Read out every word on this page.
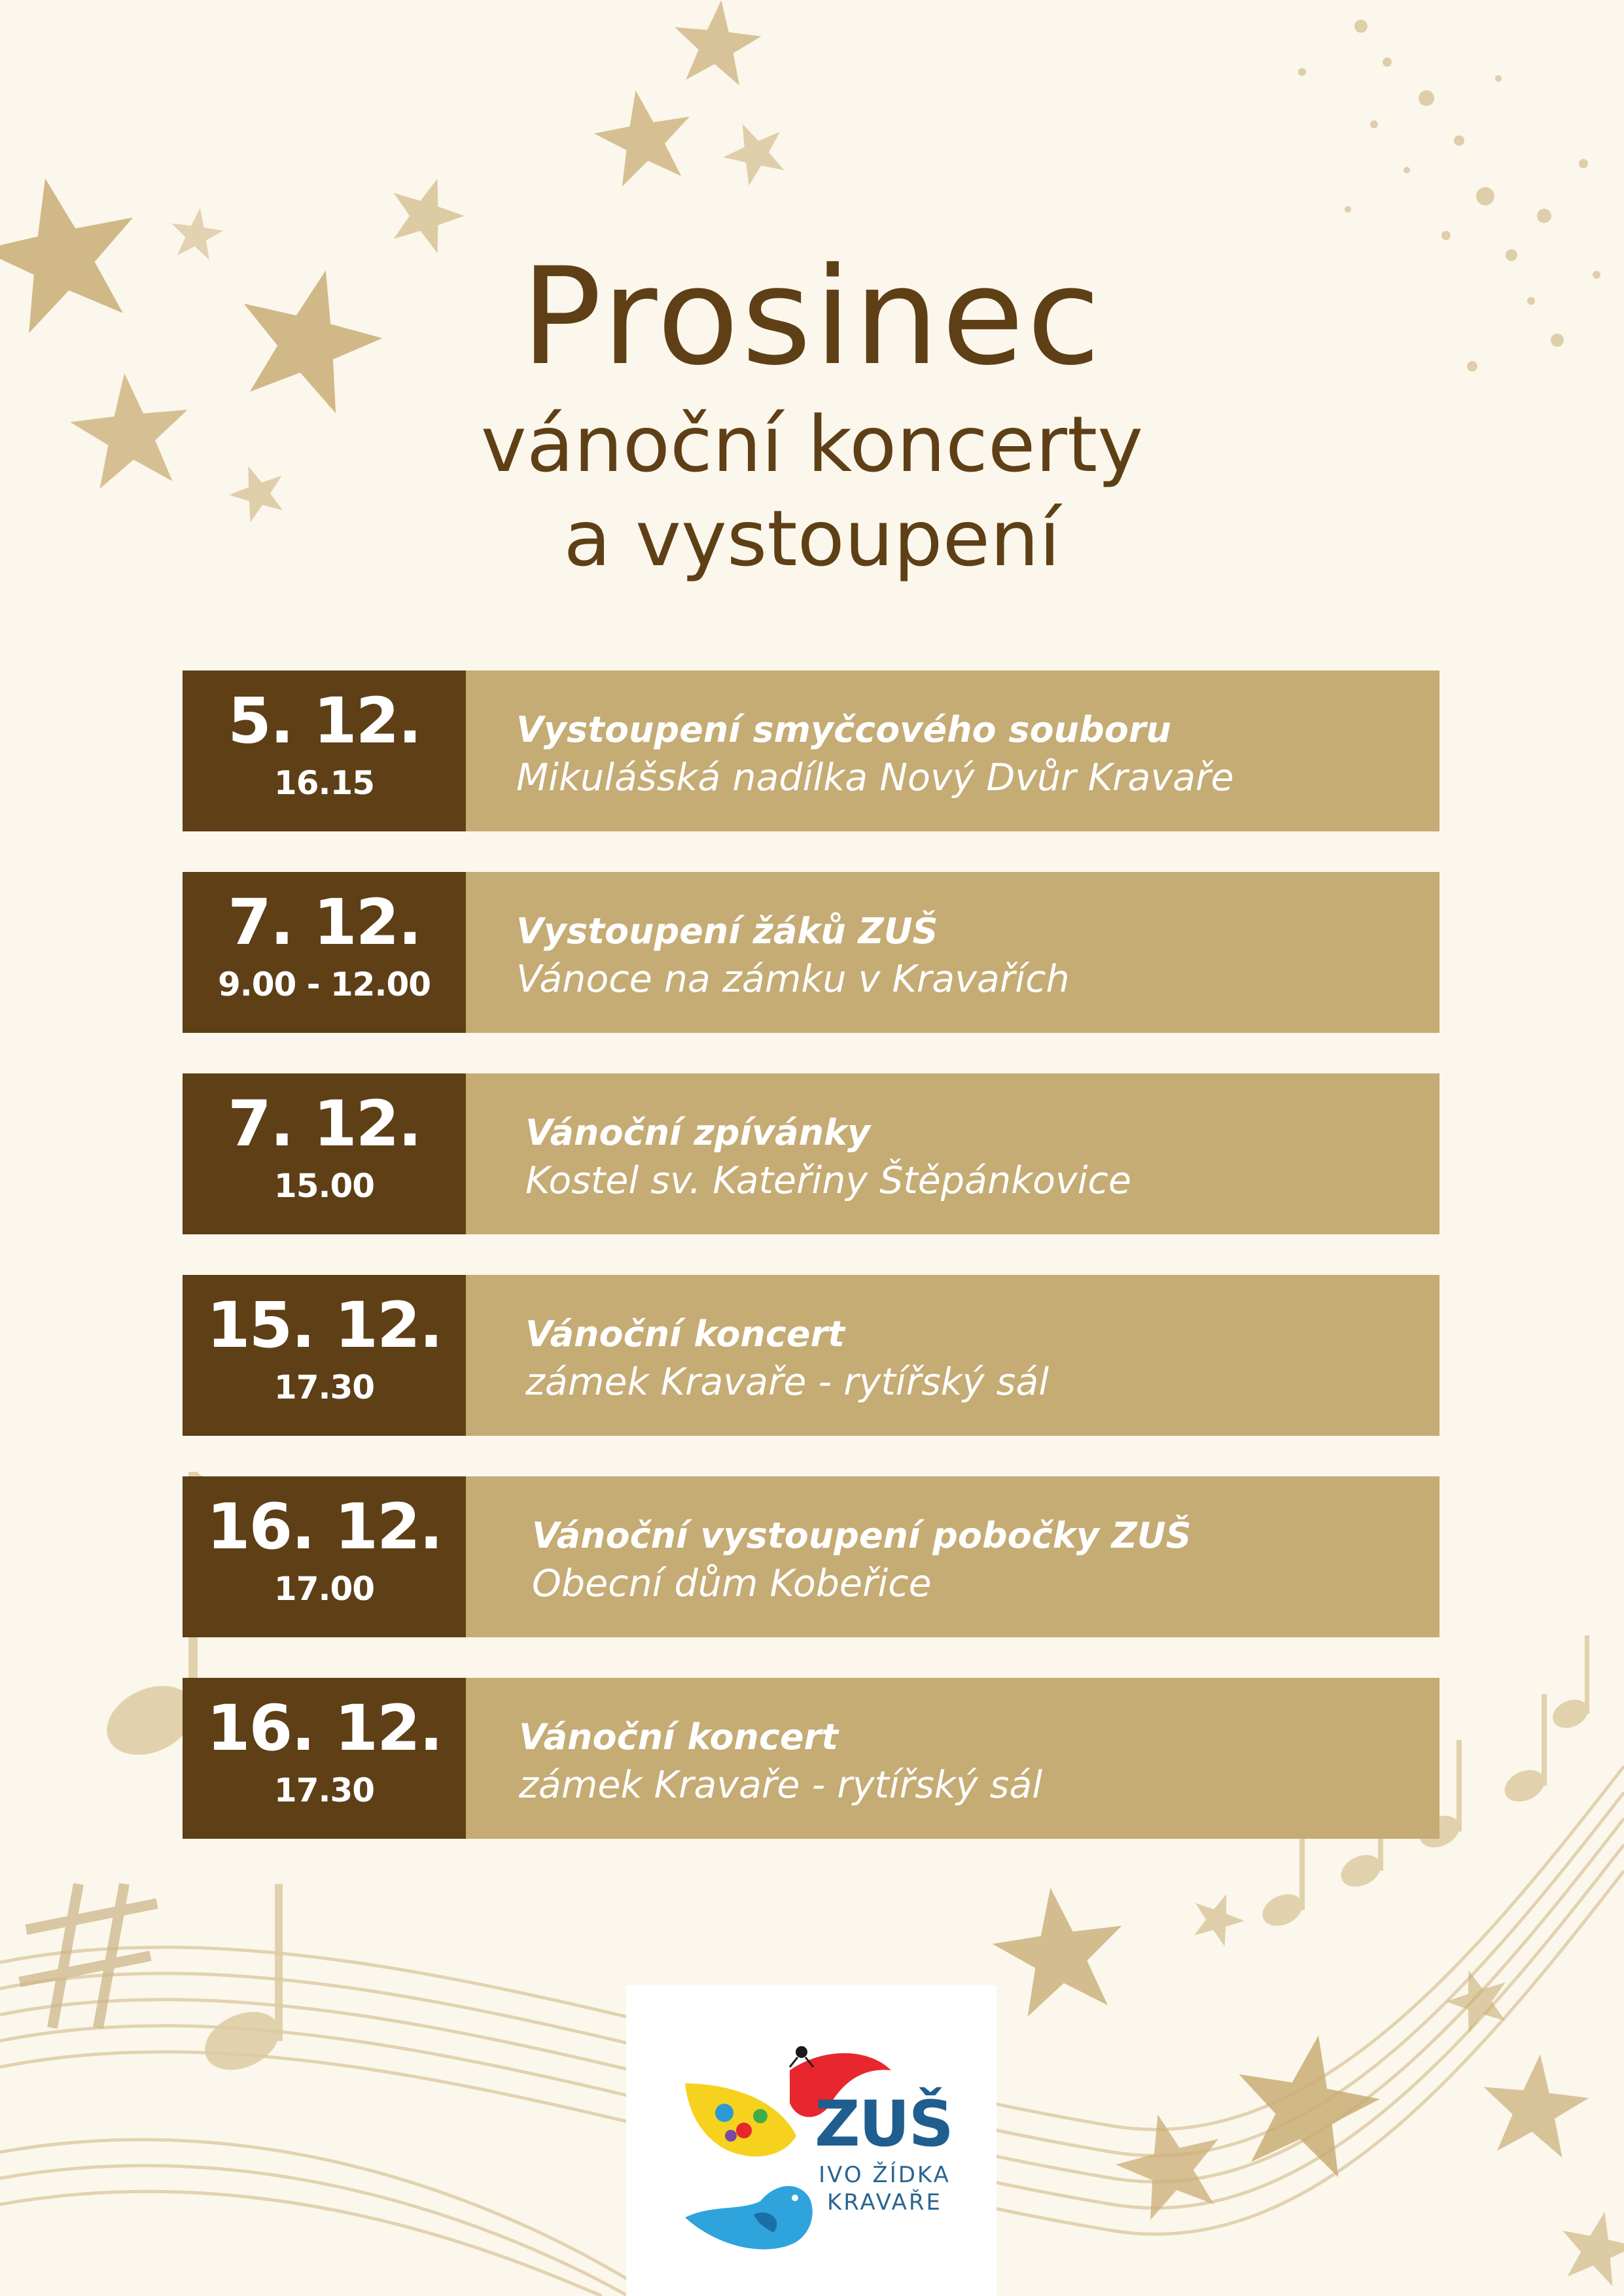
Prosinec
vánoční koncerty
a vystoupení
5. 12.
16.15
Vystoupení smyčcového souboru
Mikulášská nadílka Nový Dvůr Kravaře
7. 12.
9.00 - 12.00
Vystoupení žáků ZUŠ
Vánoce na zámku v Kravařích
7. 12.
15.00
Vánoční zpívánky
Kostel sv. Kateřiny Štěpánkovice
15. 12.
17.30
Vánoční koncert
zámek Kravaře - rytířský sál
16. 12.
17.00
Vánoční vystoupení pobočky ZUŠ
Obecní dům Kobeřice
16. 12.
17.30
Vánoční koncert
zámek Kravaře - rytířský sál
ZUŠ
IVO ŽÍDKA
KRAVAŘE
